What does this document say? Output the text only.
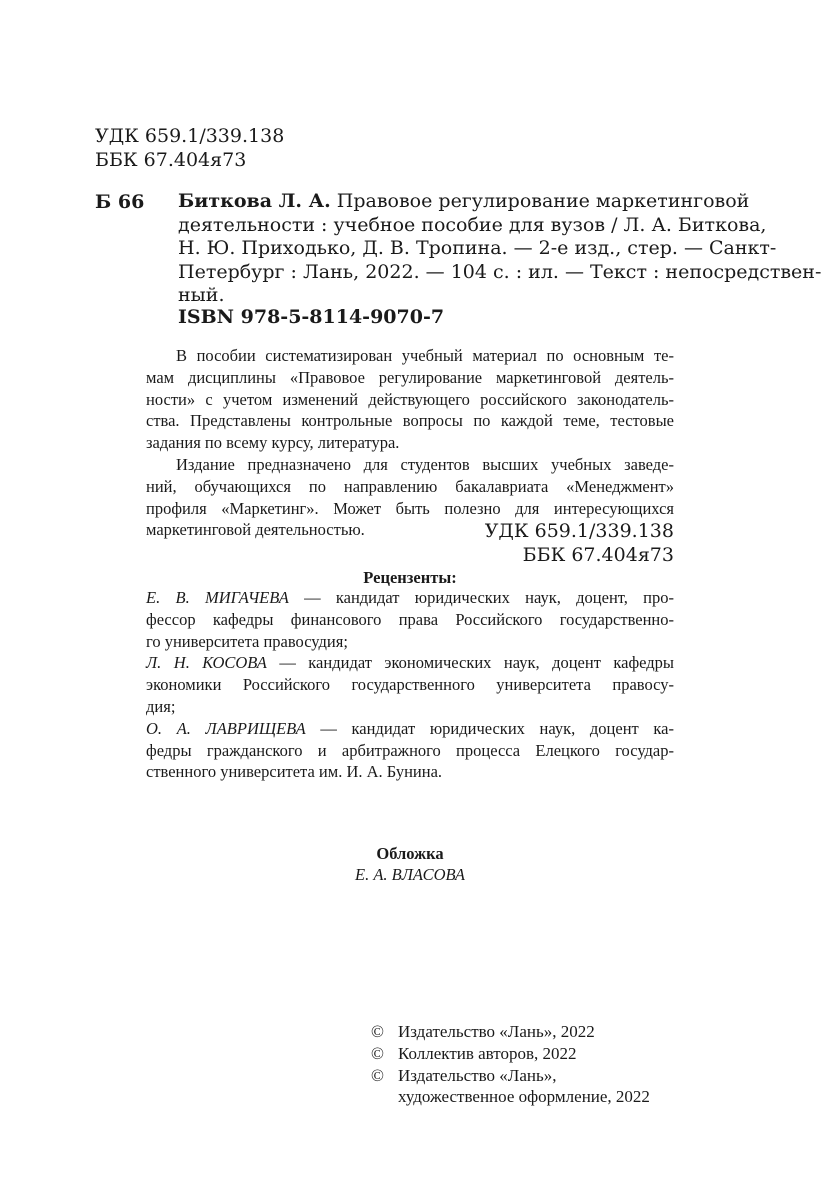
УДК 659.1/339.138
ББК 67.404я73
Б 66 Биткова Л. А. Правовое регулирование маркетинговой
деятельности : учебное пособие для вузов / Л. А. Биткова,
Н. Ю. Приходько, Д. В. Тропина. — 2-е изд., стер. — Санкт-
Петербург : Лань, 2022. — 104 с. : ил. — Текст : непосредствен-
ный.
ISBN 978-5-8114-9070-7
В пособии систематизирован учебный материал по основным те-
мам дисциплины «Правовое регулирование маркетинговой деятель-
ности» с учетом изменений действующего российского законодатель-
ства. Представлены контрольные вопросы по каждой теме, тестовые
задания по всему курсу, литература.
Издание предназначено для студентов высших учебных заведе-
ний, обучающихся по направлению бакалавриата «Менеджмент»
профиля «Маркетинг». Может быть полезно для интересующихся
маркетинговой деятельностью.	УДК 659.1/339.138
ББК 67.404я73
Рецензенты:
Е. В. МИГАЧЕВА — кандидат юридических наук, доцент, про-
фессор кафедры финансового права Российского государственно-
го университета правосудия;
Л. Н. КОСОВА — кандидат экономических наук, доцент кафедры
экономики Российского государственного университета правосу-
дия;
О. А. ЛАВРИЩЕВА — кандидат юридических наук, доцент ка-
федры гражданского и арбитражного процесса Елецкого государ-
ственного университета им. И. А. Бунина.
Обложка
Е. А. ВЛАСОВА
© Издательство «Лань», 2022
© Коллектив авторов, 2022
© Издательство «Лань»,
художественное оформление, 2022
